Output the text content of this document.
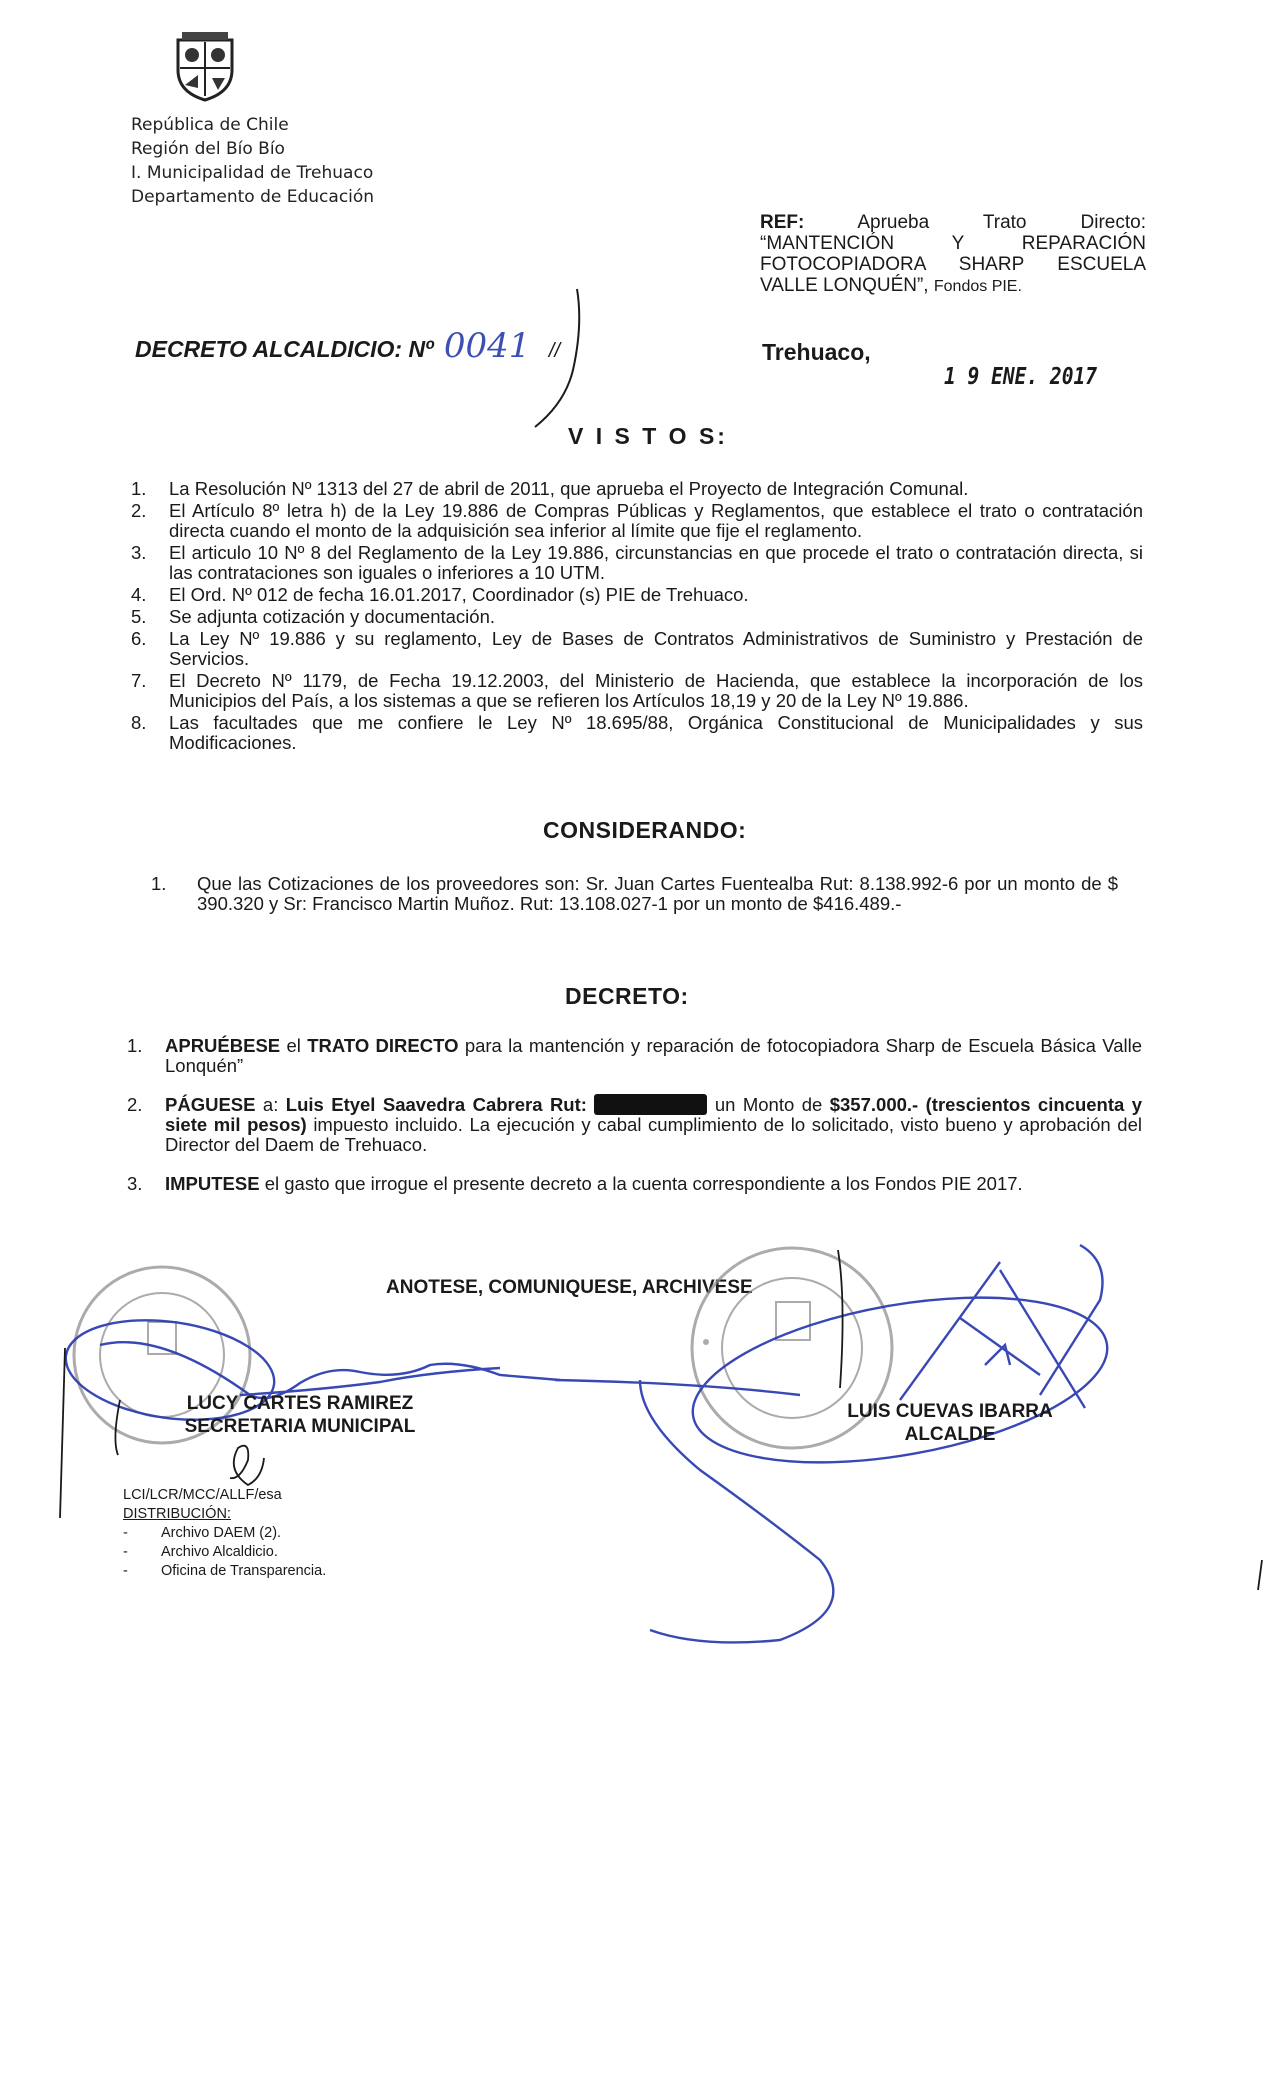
República de Chile
Región del Bío Bío
I. Municipalidad de Trehuaco
Departamento de Educación
REF:	Aprueba Trato Directo:
“MANTENCIÓN Y REPARACIÓN
FOTOCOPIADORA SHARP ESCUELA
VALLE LONQUÉN”, Fondos PIE.
DECRETO ALCALDICIO: Nº 0041 //	Trehuaco,
1 9 ENE. 2017
V I S T O S:
1. La Resolución Nº 1313 del 27 de abril de 2011, que aprueba el Proyecto de Integración Comunal.
2. El Artículo 8º letra h) de la Ley 19.886 de Compras Públicas y Reglamentos, que establece el trato o contratación directa cuando el monto de la adquisición sea inferior al límite que fije el reglamento.
3. El articulo 10 Nº 8 del Reglamento de la Ley 19.886, circunstancias en que procede el trato o contratación directa, si las contrataciones son iguales o inferiores a 10 UTM.
4. El Ord. Nº 012 de fecha 16.01.2017, Coordinador (s) PIE de Trehuaco.
5. Se adjunta cotización y documentación.
6. La Ley Nº 19.886 y su reglamento, Ley de Bases de Contratos Administrativos de Suministro y Prestación de Servicios.
7. El Decreto Nº 1179, de Fecha 19.12.2003, del Ministerio de Hacienda, que establece la incorporación de los Municipios del País, a los sistemas a que se refieren los Artículos 18,19 y 20 de la Ley Nº 19.886.
8. Las facultades que me confiere le Ley Nº 18.695/88, Orgánica Constitucional de Municipalidades y sus Modificaciones.
CONSIDERANDO:
1. Que las Cotizaciones de los proveedores son: Sr. Juan Cartes Fuentealba Rut: 8.138.992-6 por un monto de $ 390.320 y Sr: Francisco Martin Muñoz. Rut: 13.108.027-1 por un monto de $416.489.-
DECRETO:
1. APRUÉBESE el TRATO DIRECTO para la mantención y reparación de fotocopiadora Sharp de Escuela Básica Valle Lonquén”
2. PÁGUESE a: Luis Etyel Saavedra Cabrera Rut: 12.957.938-7 un Monto de $357.000.- (trescientos cincuenta y siete mil pesos) impuesto incluido. La ejecución y cabal cumplimiento de lo solicitado, visto bueno y aprobación del Director del Daem de Trehuaco.
3. IMPUTESE el gasto que irrogue el presente decreto a la cuenta correspondiente a los Fondos PIE 2017.
ANOTESE, COMUNIQUESE, ARCHIVESE
LUCY CARTES RAMIREZ
SECRETARIA MUNICIPAL
LUIS CUEVAS IBARRA
ALCALDE
LCI/LCR/MCC/ALLF/esa
DISTRIBUCIÓN:
- Archivo DAEM (2).
- Archivo Alcaldicio.
- Oficina de Transparencia.
